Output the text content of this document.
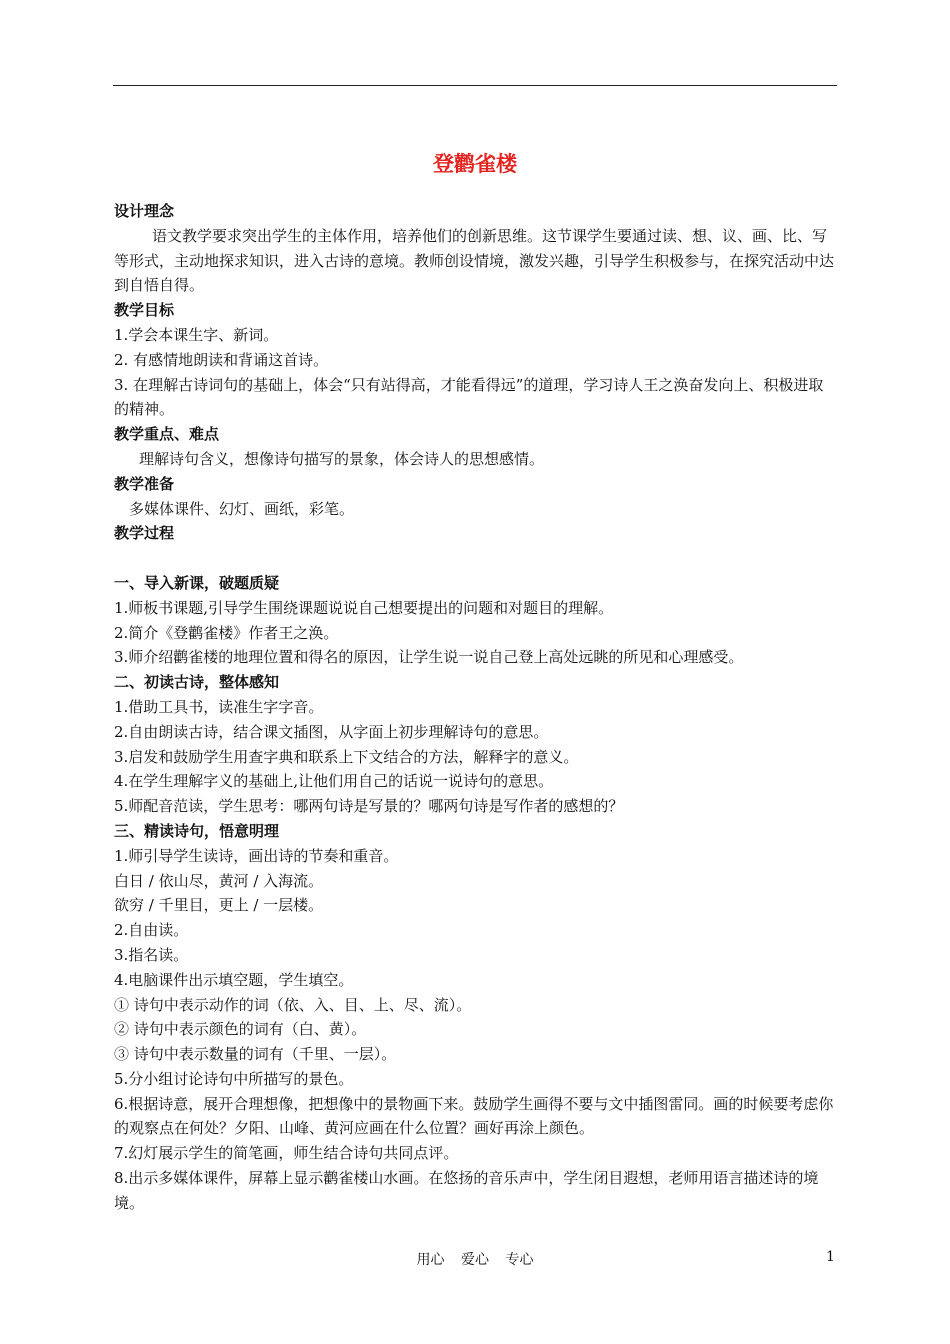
登鹳雀楼

设计理念

语文教学要求突出学生的主体作用，培养他们的创新思维。这节课学生要通过读、想、议、画、比、写等形式，主动地探求知识，进入古诗的意境。教师创设情境，激发兴趣，引导学生积极参与，在探究活动中达到自悟自得。

教学目标

1.学会本课生字、新词。

2. 有感情地朗读和背诵这首诗。

3. 在理解古诗词句的基础上，体会“只有站得高，才能看得远”的道理，学习诗人王之涣奋发向上、积极进取的精神。

教学重点、难点

理解诗句含义，想像诗句描写的景象，体会诗人的思想感情。

教学准备

多媒体课件、幻灯、画纸，彩笔。

教学过程

一、导入新课，破题质疑

1.师板书课题,引导学生围绕课题说说自己想要提出的问题和对题目的理解。

2.简介《登鹳雀楼》作者王之涣。

3.师介绍鹳雀楼的地理位置和得名的原因，让学生说一说自己登上高处远眺的所见和心理感受。

二、初读古诗，整体感知

1.借助工具书，读准生字字音。

2.自由朗读古诗，结合课文插图，从字面上初步理解诗句的意思。

3.启发和鼓励学生用查字典和联系上下文结合的方法，解释字的意义。

4.在学生理解字义的基础上,让他们用自己的话说一说诗句的意思。

5.师配音范读，学生思考：哪两句诗是写景的？哪两句诗是写作者的感想的？

三、精读诗句，悟意明理

1.师引导学生读诗，画出诗的节奏和重音。

白日 / 依山尽，黄河 / 入海流。

欲穷 / 千里目，更上 / 一层楼。

2.自由读。

3.指名读。

4.电脑课件出示填空题，学生填空。

① 诗句中表示动作的词（依、入、目、上、尽、流）。

② 诗句中表示颜色的词有（白、黄）。

③ 诗句中表示数量的词有（千里、一层）。

5.分小组讨论诗句中所描写的景色。

6.根据诗意，展开合理想像，把想像中的景物画下来。鼓励学生画得不要与文中插图雷同。画的时候要考虑你的观察点在何处？夕阳、山峰、黄河应画在什么位置？画好再涂上颜色。

7.幻灯展示学生的简笔画，师生结合诗句共同点评。

8.出示多媒体课件，屏幕上显示鹳雀楼山水画。在悠扬的音乐声中，学生闭目遐想，老师用语言描述诗的境境。

用心 爱心 专心	1
